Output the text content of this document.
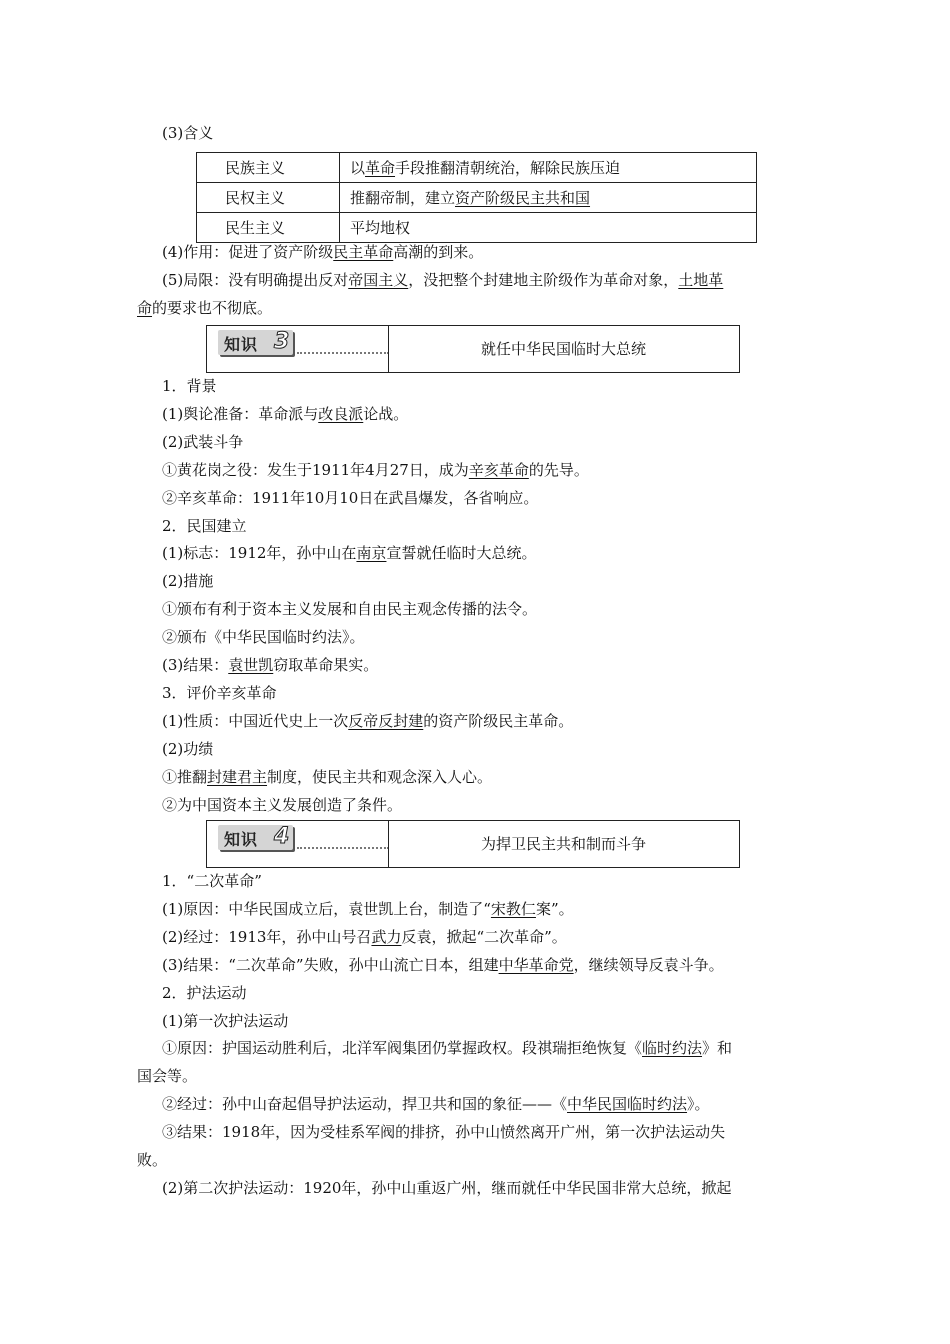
(3)含义
民族主义	以革命手段推翻清朝统治，解除民族压迫
民权主义	推翻帝制，建立资产阶级民主共和国
民生主义	平均地权
(4)作用：促进了资产阶级民主革命高潮的到来。
(5)局限：没有明确提出反对帝国主义，没把整个封建地主阶级作为革命对象，土地革
命的要求也不彻底。
知识 3	就任中华民国临时大总统
1．背景
(1)舆论准备：革命派与改良派论战。
(2)武装斗争
①黄花岗之役：发生于1911年4月27日，成为辛亥革命的先导。
②辛亥革命：1911年10月10日在武昌爆发，各省响应。
2．民国建立
(1)标志：1912年，孙中山在南京宣誓就任临时大总统。
(2)措施
①颁布有利于资本主义发展和自由民主观念传播的法令。
②颁布《中华民国临时约法》。
(3)结果：袁世凯窃取革命果实。
3．评价辛亥革命
(1)性质：中国近代史上一次反帝反封建的资产阶级民主革命。
(2)功绩
①推翻封建君主制度，使民主共和观念深入人心。
②为中国资本主义发展创造了条件。
知识 4	为捍卫民主共和制而斗争
1．“二次革命”
(1)原因：中华民国成立后，袁世凯上台，制造了“宋教仁案”。
(2)经过：1913年，孙中山号召武力反袁，掀起“二次革命”。
(3)结果：“二次革命”失败，孙中山流亡日本，组建中华革命党，继续领导反袁斗争。
2．护法运动
(1)第一次护法运动
①原因：护国运动胜利后，北洋军阀集团仍掌握政权。段祺瑞拒绝恢复《临时约法》和
国会等。
②经过：孙中山奋起倡导护法运动，捍卫共和国的象征——《中华民国临时约法》。
③结果：1918年，因为受桂系军阀的排挤，孙中山愤然离开广州，第一次护法运动失
败。
(2)第二次护法运动：1920年，孙中山重返广州，继而就任中华民国非常大总统，掀起
